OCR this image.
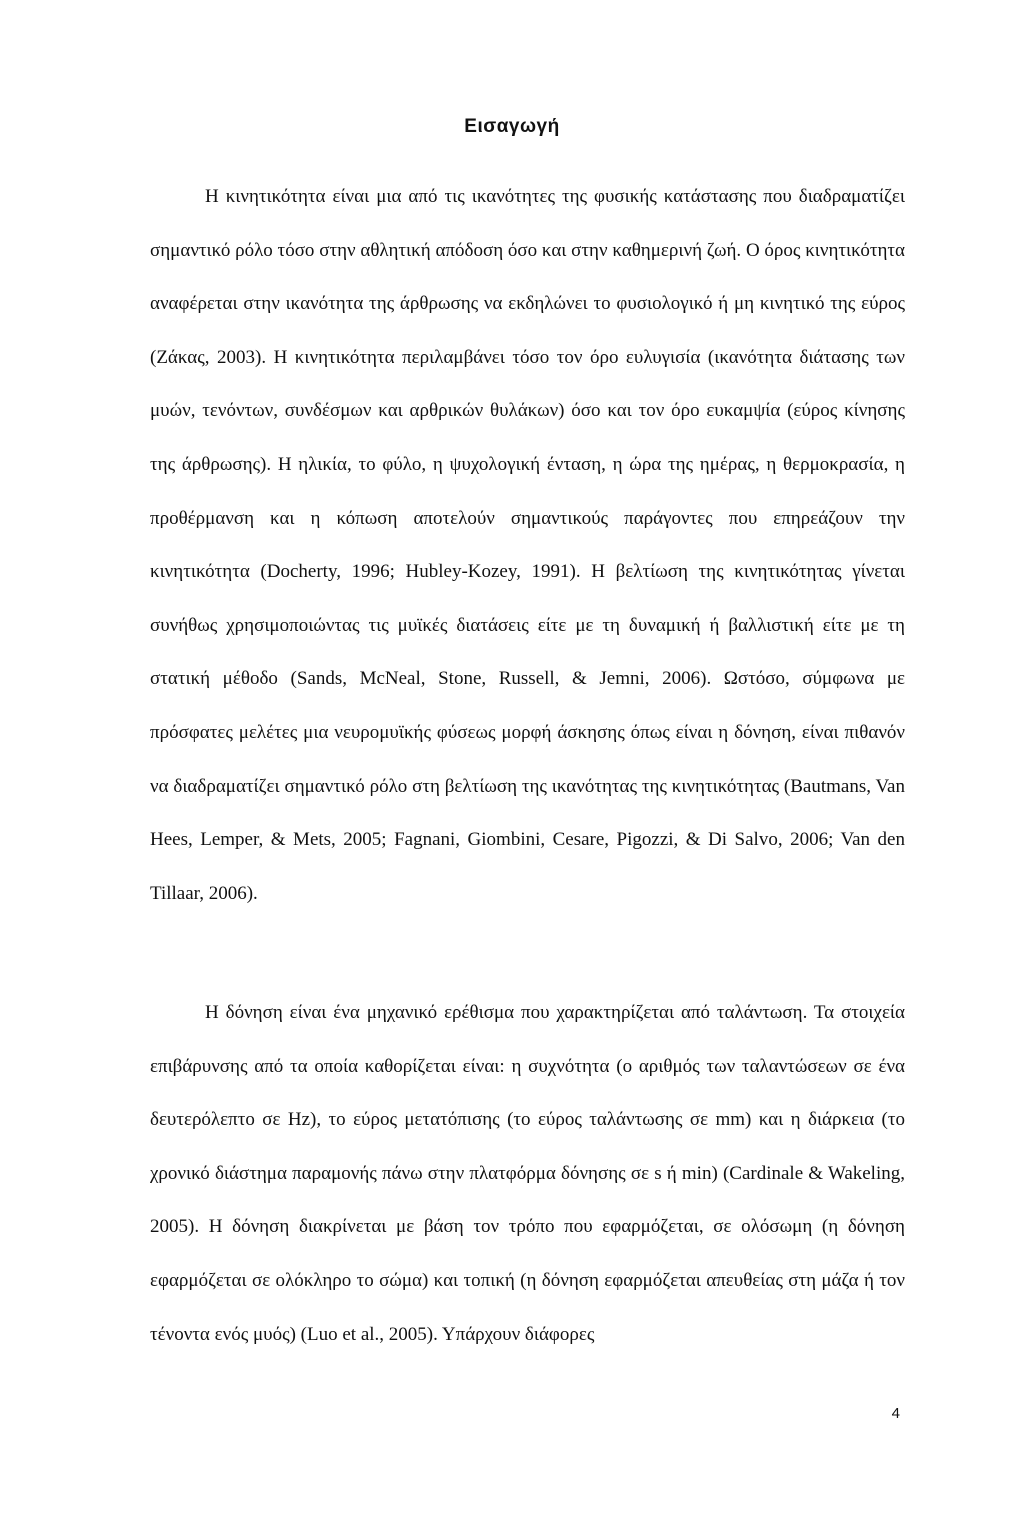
Εισαγωγή

Η κινητικότητα είναι μια από τις ικανότητες της φυσικής κατάστασης που διαδραματίζει σημαντικό ρόλο τόσο στην αθλητική απόδοση όσο και στην καθημερινή ζωή. Ο όρος κινητικότητα αναφέρεται στην ικανότητα της άρθρωσης να εκδηλώνει το φυσιολογικό ή μη κινητικό της εύρος (Ζάκας, 2003). Η κινητικότητα περιλαμβάνει τόσο τον όρο ευλυγισία (ικανότητα διάτασης των μυών, τενόντων, συνδέσμων και αρθρικών θυλάκων) όσο και τον όρο ευκαμψία (εύρος κίνησης της άρθρωσης). Η ηλικία, το φύλο, η ψυχολογική ένταση, η ώρα της ημέρας, η θερμοκρασία, η προθέρμανση και η κόπωση αποτελούν σημαντικούς παράγοντες που επηρεάζουν την κινητικότητα (Docherty, 1996; Hubley-Kozey, 1991). Η βελτίωση της κινητικότητας γίνεται συνήθως χρησιμοποιώντας τις μυϊκές διατάσεις είτε με τη δυναμική ή βαλλιστική είτε με τη στατική μέθοδο (Sands, McNeal, Stone, Russell, & Jemni, 2006). Ωστόσο, σύμφωνα με πρόσφατες μελέτες μια νευρομυϊκής φύσεως μορφή άσκησης όπως είναι η δόνηση, είναι πιθανόν να διαδραματίζει σημαντικό ρόλο στη βελτίωση της ικανότητας της κινητικότητας (Bautmans, Van Hees, Lemper, & Mets, 2005; Fagnani, Giombini, Cesare, Pigozzi, & Di Salvo, 2006; Van den Tillaar, 2006).

Η δόνηση είναι ένα μηχανικό ερέθισμα που χαρακτηρίζεται από ταλάντωση. Τα στοιχεία επιβάρυνσης από τα οποία καθορίζεται είναι: η συχνότητα (ο αριθμός των ταλαντώσεων σε ένα δευτερόλεπτο σε Hz), το εύρος μετατόπισης (το εύρος ταλάντωσης σε mm) και η διάρκεια (το χρονικό διάστημα παραμονής πάνω στην πλατφόρμα δόνησης σε s ή min) (Cardinale & Wakeling, 2005). Η δόνηση διακρίνεται με βάση τον τρόπο που εφαρμόζεται, σε ολόσωμη (η δόνηση εφαρμόζεται σε ολόκληρο το σώμα) και τοπική (η δόνηση εφαρμόζεται απευθείας στη μάζα ή τον τένοντα ενός μυός) (Luo et al., 2005). Υπάρχουν διάφορες

4
